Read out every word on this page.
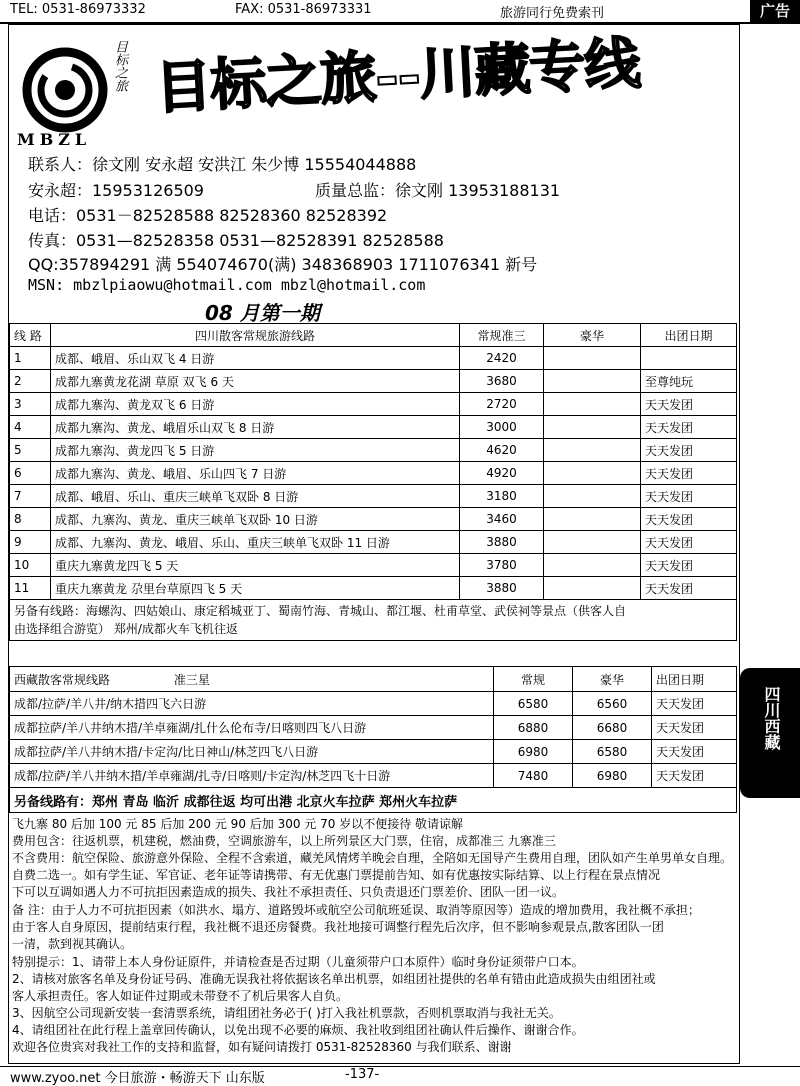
TEL: 0531-86973332	FAX: 0531-86973331	旅游同行免费索刊	广告
MBZL
目标之旅 目标之旅--川藏专线
联系人：徐文刚 安永超 安洪江 朱少博 15554044888
安永超：15953126509	质量总监：徐文刚 13953188131
电话：0531－82528588 82528360 82528392
传真：0531—82528358 0531—82528391 82528588
QQ:357894291 满 554074670(满) 348368903 1711076341 新号
MSN: mbzlpiaowu@hotmail.com mbzl@hotmail.com
08 月第一期
线 路	四川散客常规旅游线路	常规准三	豪华	出团日期
1	成都、峨眉、乐山双飞 4 日游	2420		
2	成都九寨黄龙花湖 草原 双飞 6 天	3680		至尊纯玩
3	成都九寨沟、黄龙双飞 6 日游	2720		天天发团
4	成都九寨沟、黄龙、峨眉乐山双飞 8 日游	3000		天天发团
5	成都九寨沟、黄龙四飞 5 日游	4620		天天发团
6	成都九寨沟、黄龙、峨眉、乐山四飞 7 日游	4920		天天发团
7	成都、峨眉、乐山、重庆三峡单飞双卧 8 日游	3180		天天发团
8	成都、九寨沟、黄龙、重庆三峡单飞双卧 10 日游	3460		天天发团
9	成都、九寨沟、黄龙、峨眉、乐山、重庆三峡单飞双卧 11 日游	3880		天天发团
10	重庆九寨黄龙四飞 5 天	3780		天天发团
11	重庆九寨黄龙 尕里台草原四飞 5 天	3880		天天发团

另备有线路：海螺沟、四姑娘山、康定稻城亚丁、蜀南竹海、青城山、都江堰、杜甫草堂、武侯祠等景点（供客人自
由选择组合游览） 郑州/成都火车飞机往返				
西藏散客常规线路 准三星	常规	豪华	出团日期
成都/拉萨/羊八井/纳木措四飞六日游	6580	6560	天天发团
成都拉萨/羊八井纳木措/羊卓雍湖/扎什么伦布寺/日喀则四飞八日游	6880	6680	天天发团
成都拉萨/羊八井纳木措/卡定沟/比日神山/林芝四飞八日游	6980	6580	天天发团
成都/拉萨/羊八井纳木措/羊卓雍湖/扎寺/日喀则/卡定沟/林芝四飞十日游	7480	6980	天天发团
另备线路有：郑州 青岛 临沂 成都往返 均可出港 北京火车拉萨 郑州火车拉萨			
四川西藏
飞九寨 80 后加 100 元 85 后加 200 元 90 后加 300 元 70 岁以不便接待 敬请谅解
费用包含：往返机票，机建税，燃油费，空调旅游车，以上所列景区大门票，住宿，成都准三 九寨准三
不含费用：航空保险、旅游意外保险、全程不含索道，藏羌风情烤羊晚会自理，全陪如无国导产生费用自理，团队如产生单男单女自理。
自费二选一。如有学生证、军官证、老年证等请携带、有无优惠门票提前告知、如有优惠按实际结算、以上行程在景点情况
下可以互调如遇人力不可抗拒因素造成的损失、我社不承担责任、只负责退还门票差价、团队一团一议。
备 注：由于人力不可抗拒因素（如洪水、塌方、道路毁坏或航空公司航班延误、取消等原因等）造成的增加费用，我社概不承担；
由于客人自身原因，提前结束行程，我社概不退还房餐费。我社地接可调整行程先后次序，但不影响参观景点,散客团队一团
一清，款到视其确认。
特别提示：1、请带上本人身份证原件，并请检查是否过期（儿童须带户口本原件）临时身份证须带户口本。
2、请核对旅客名单及身份证号码、准确无误我社将依据该名单出机票，如组团社提供的名单有错由此造成损失由组团社或
客人承担责任。客人如证件过期或未带登不了机后果客人自负。
3、因航空公司现新安装一套清票系统，请组团社务必于( )打入我社机票款，否则机票取消与我社无关。
4、请组团社在此行程上盖章回传确认，以免出现不必要的麻烦、我社收到组团社确认件后操作、谢谢合作。
欢迎各位贵宾对我社工作的支持和监督，如有疑问请拨打 0531-82528360 与我们联系、谢谢
www.zyoo.net 今日旅游・畅游天下 山东版	-137-
